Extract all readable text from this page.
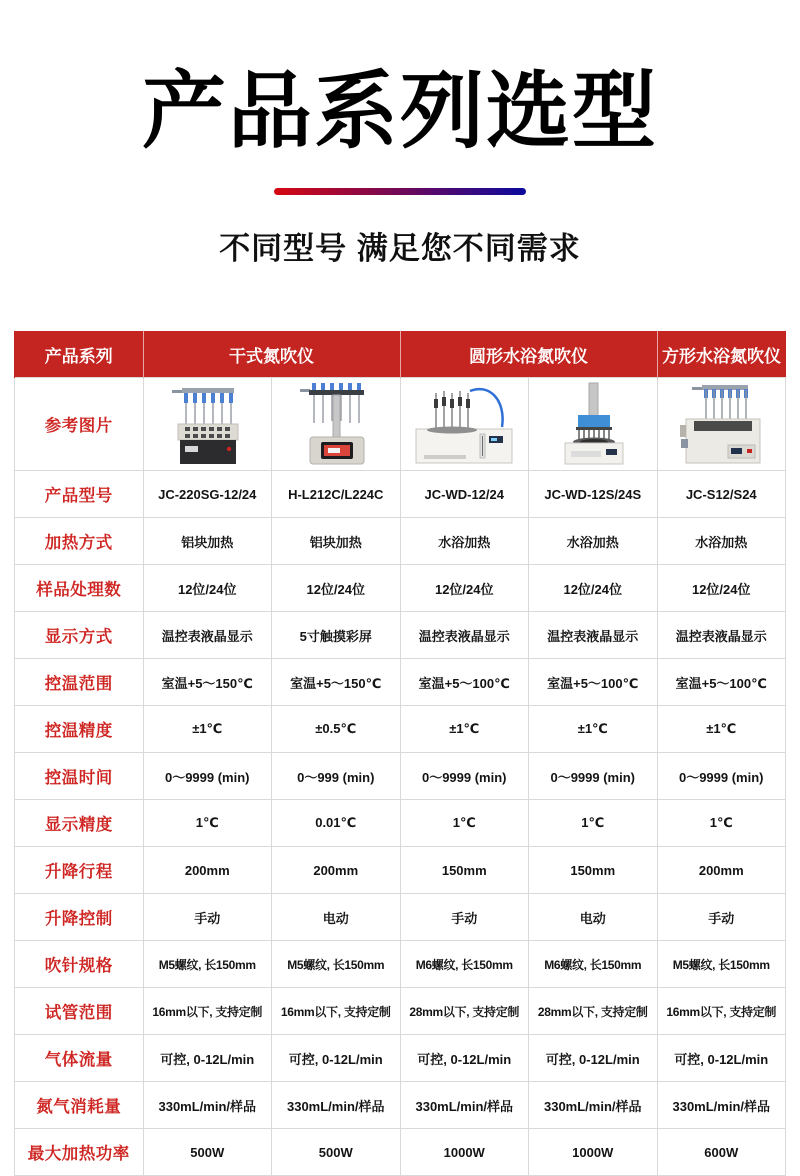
产品系列选型

不同型号 满足您不同需求

产品系列	干式氮吹仪		圆形水浴氮吹仪		方形水浴氮吹仪
参考图片	

产品型号	JC-220SG-12/24	H-L212C/L224C	JC-WD-12/24	JC-WD-12S/24S	JC-S12/S24
加热方式	铝块加热	铝块加热	水浴加热	水浴加热	水浴加热
样品处理数	12位/24位	12位/24位	12位/24位	12位/24位	12位/24位
显示方式	温控表液晶显示	5寸触摸彩屏	温控表液晶显示	温控表液晶显示	温控表液晶显示
控温范围	室温+5～150℃	室温+5～150℃	室温+5～100℃	室温+5～100℃	室温+5～100℃
控温精度	±1℃	±0.5℃	±1℃	±1℃	±1℃
控温时间	0～9999 (min)	0～999 (min)	0～9999 (min)	0～9999 (min)	0～9999 (min)
显示精度	1℃	0.01℃	1℃	1℃	1℃
升降行程	200mm	200mm	150mm	150mm	200mm
升降控制	手动	电动	手动	电动	手动
吹针规格	M5螺纹, 长150mm	M5螺纹, 长150mm	M6螺纹, 长150mm	M6螺纹, 长150mm	M5螺纹, 长150mm
试管范围	16mm以下, 支持定制	16mm以下, 支持定制	28mm以下, 支持定制	28mm以下, 支持定制	16mm以下, 支持定制
气体流量	可控, 0-12L/min	可控, 0-12L/min	可控, 0-12L/min	可控, 0-12L/min	可控, 0-12L/min
氮气消耗量	330mL/min/样品	330mL/min/样品	330mL/min/样品	330mL/min/样品	330mL/min/样品
最大加热功率	500W	500W	1000W	1000W	600W
